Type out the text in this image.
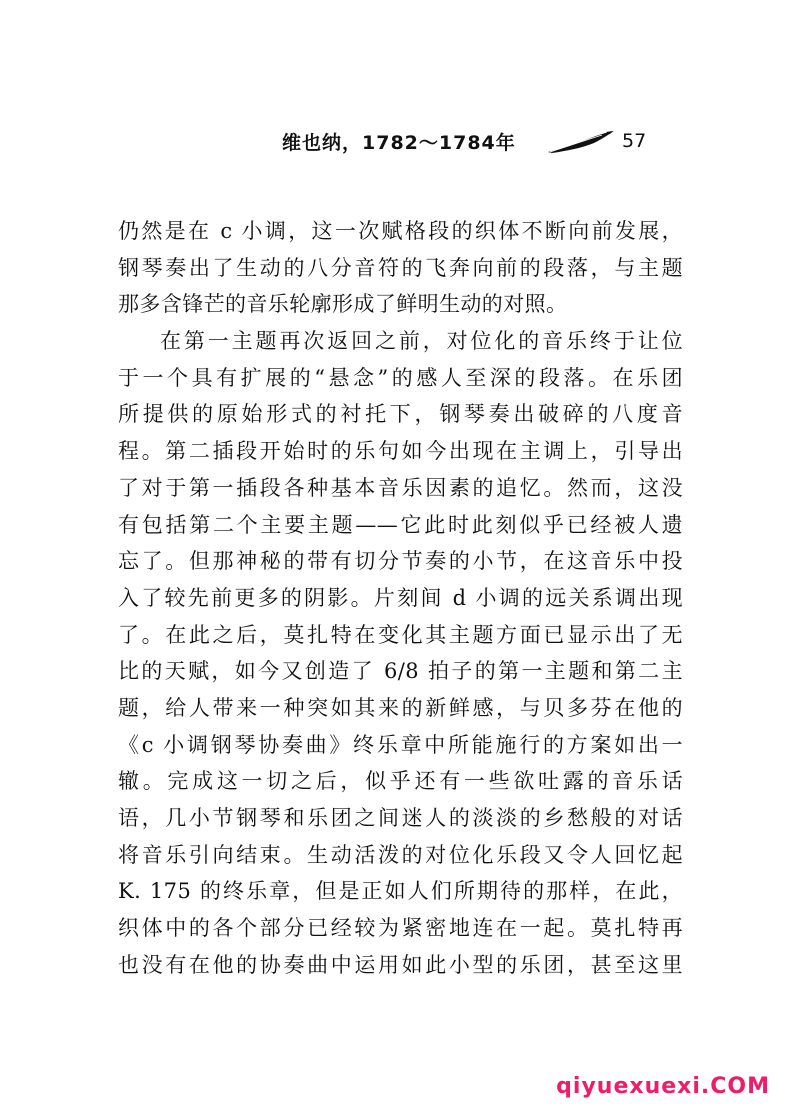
维也纳，1782～1784年	57
仍然是在 c 小调，这一次赋格段的织体不断向前发展，
钢琴奏出了生动的八分音符的飞奔向前的段落，与主题
那多含锋芒的音乐轮廓形成了鲜明生动的对照。
在第一主题再次返回之前，对位化的音乐终于让位
于一个具有扩展的“悬念”的感人至深的段落。在乐团
所提供的原始形式的衬托下，钢琴奏出破碎的八度音
程。第二插段开始时的乐句如今出现在主调上，引导出
了对于第一插段各种基本音乐因素的追忆。然而，这没
有包括第二个主要主题——它此时此刻似乎已经被人遗
忘了。但那神秘的带有切分节奏的小节，在这音乐中投
入了较先前更多的阴影。片刻间 d 小调的远关系调出现
了。在此之后，莫扎特在变化其主题方面已显示出了无
比的天赋，如今又创造了 6/8 拍子的第一主题和第二主
题，给人带来一种突如其来的新鲜感，与贝多芬在他的
《c 小调钢琴协奏曲》终乐章中所能施行的方案如出一
辙。完成这一切之后，似乎还有一些欲吐露的音乐话
语，几小节钢琴和乐团之间迷人的淡淡的乡愁般的对话
将音乐引向结束。生动活泼的对位化乐段又令人回忆起
K. 175 的终乐章，但是正如人们所期待的那样，在此，
织体中的各个部分已经较为紧密地连在一起。莫扎特再
也没有在他的协奏曲中运用如此小型的乐团，甚至这里
qiyuexuexi.COM
